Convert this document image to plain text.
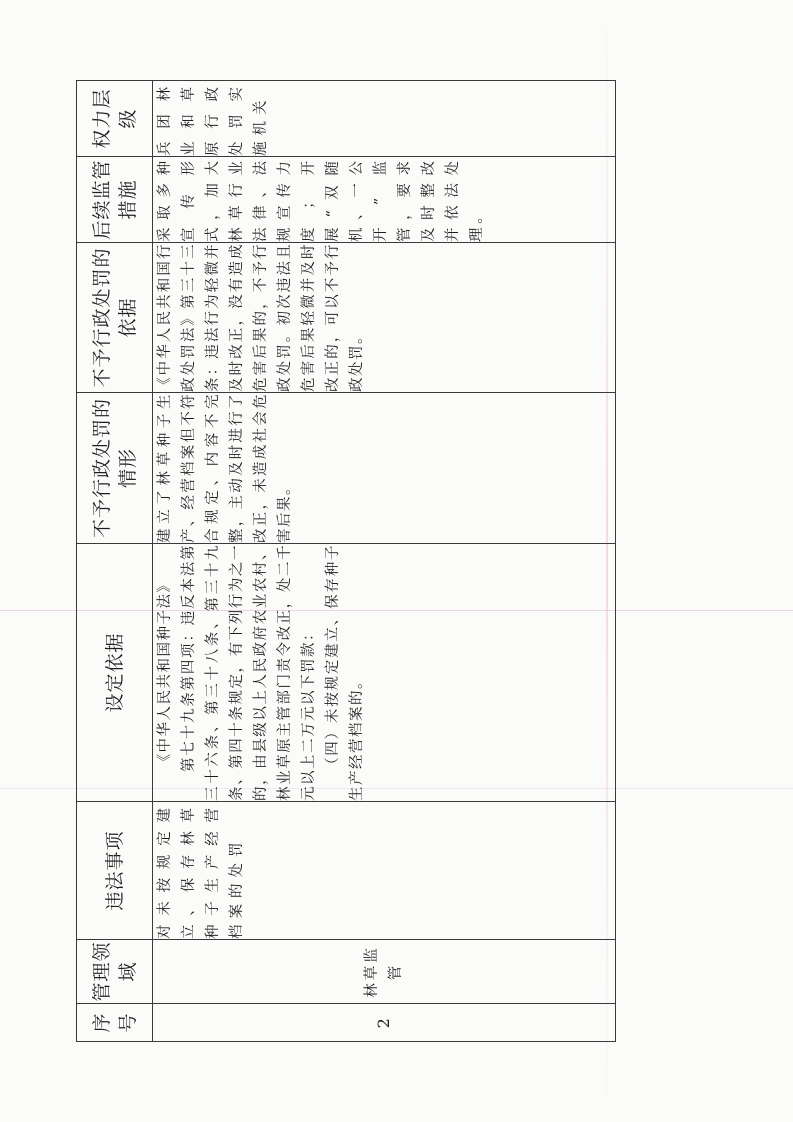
序号	管理领域	违法事项	设定依据	不予行政处罚的情形	不予行政处罚的依据	后续监管措施	权力层级
2	林草监管	对未按规定建立、保存林草种子生产经营档案的处罚	《中华人民共和国种子法》 第七十九条第四项：违反本法第三十六条、第三十八条、第三十九条、第四十条规定，有下列行为之一的，由县级以上人民政府农业农村、林业草原主管部门责令改正，处二千元以上二万元以下罚款： （四）未按规定建立、保存种子生产经营档案的。	建立了林草种子生产、经营档案但不符合规定、内容不完整，主动及时进行了改正，未造成社会危害后果。	《中华人民共和国行政处罚法》第三十三条：违法行为轻微并及时改正，没有造成危害后果的，不予行政处罚。初次违法且危害后果轻微并及时改正的，可以不予行政处罚。	采取多种宣传形式，加大林草行业法律、法规宣传力度；开展“双随机、一公开”监管，要求及时整改并依法处理。	兵团林业和草原行政处罚实施机关
